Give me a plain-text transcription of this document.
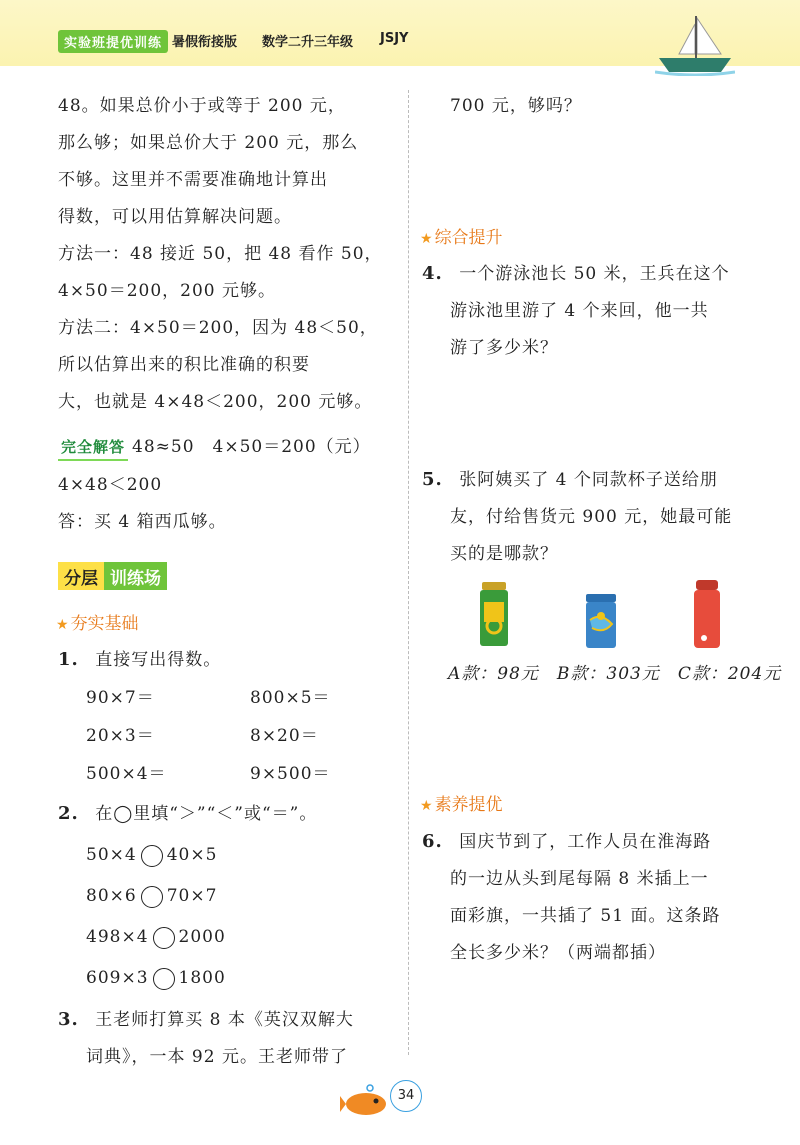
实验班提优训练 暑假衔接版 数学二升三年级 JSJY
48。如果总价小于或等于 200 元，
那么够；如果总价大于 200 元，那么
不够。这里并不需要准确地计算出
得数，可以用估算解决问题。
方法一：48 接近 50，把 48 看作 50，
4×50＝200，200 元够。
方法二：4×50＝200，因为 48＜50，
所以估算出来的积比准确的积要
大，也就是 4×48＜200，200 元够。
完全解答 48≈50　4×50＝200（元）
4×48＜200
答：买 4 箱西瓜够。
分层 训练场
★ 夯实基础
1. 直接写出得数。
90×7＝	800×5＝
20×3＝	8×20＝
500×4＝	9×500＝
2. 在◯里填“＞”“＜”或“＝”。
50×4 40×5
80×6 70×7
498×4 2000
609×3 1800
3. 王老师打算买 8 本《英汉双解大
词典》，一本 92 元。王老师带了
700 元，够吗？
★ 综合提升
4. 一个游泳池长 50 米，王兵在这个
游泳池里游了 4 个来回，他一共
游了多少米？
5. 张阿姨买了 4 个同款杯子送给朋
友，付给售货元 900 元，她最可能
买的是哪款？
A款：98元　B款：303元　C款：204元
★ 素养提优
6. 国庆节到了，工作人员在淮海路
的一边从头到尾每隔 8 米插上一
面彩旗，一共插了 51 面。这条路
全长多少米？（两端都插）
34
